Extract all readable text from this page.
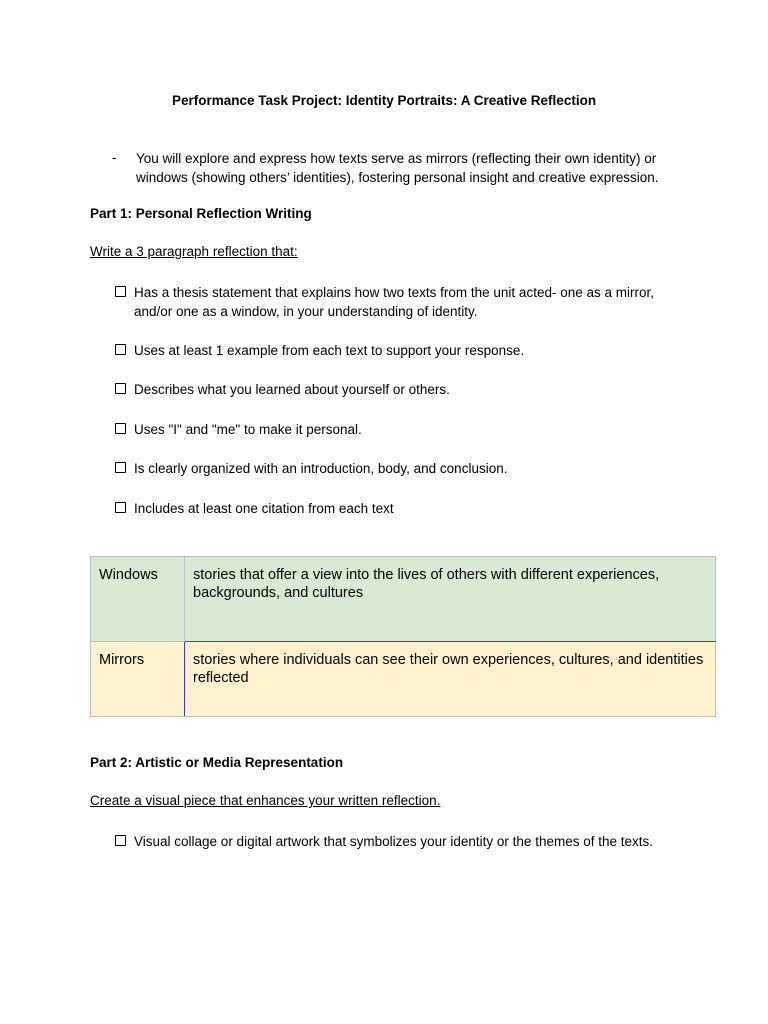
Performance Task Project: Identity Portraits: A Creative Reflection
-	You will explore and express how texts serve as mirrors (reflecting their own identity) or windows (showing others’ identities), fostering personal insight and creative expression.
Part 1: Personal Reflection Writing
Write a 3 paragraph reflection that:
Has a thesis statement that explains how two texts from the unit acted- one as a mirror, and/or one as a window, in your understanding of identity.
Uses at least 1 example from each text to support your response.
Describes what you learned about yourself or others.
Uses "I" and "me" to make it personal.
Is clearly organized with an introduction, body, and conclusion.
Includes at least one citation from each text
Windows	stories that offer a view into the lives of others with different experiences, backgrounds, and cultures
Mirrors	stories where individuals can see their own experiences, cultures, and identities reflected
Part 2: Artistic or Media Representation
Create a visual piece that enhances your written reflection.
Visual collage or digital artwork that symbolizes your identity or the themes of the texts.
